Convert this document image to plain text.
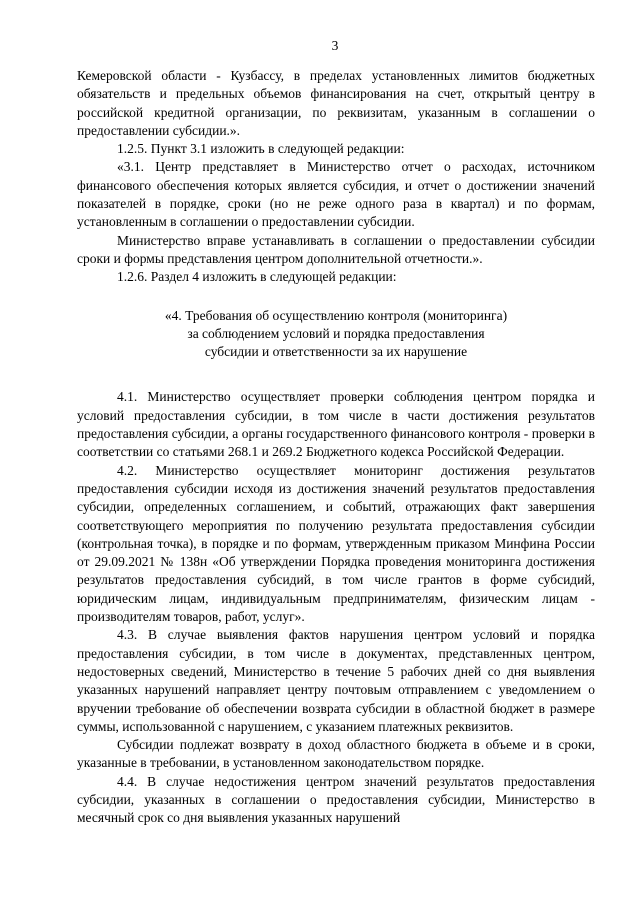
3

Кемеровской области - Кузбассу, в пределах установленных лимитов бюджетных обязательств и предельных объемов финансирования на счет, открытый центру в российской кредитной организации, по реквизитам, указанным в соглашении о предоставлении субсидии.».

1.2.5. Пункт 3.1 изложить в следующей редакции:

«3.1. Центр представляет в Министерство отчет о расходах, источником финансового обеспечения которых является субсидия, и отчет о достижении значений показателей в порядке, сроки (но не реже одного раза в квартал) и по формам, установленным в соглашении о предоставлении субсидии.

Министерство вправе устанавливать в соглашении о предоставлении субсидии сроки и формы представления центром дополнительной отчетности.».

1.2.6. Раздел 4 изложить в следующей редакции:

«4. Требования об осуществлению контроля (мониторинга)
за соблюдением условий и порядка предоставления
субсидии и ответственности за их нарушение

4.1. Министерство осуществляет проверки соблюдения центром порядка и условий предоставления субсидии, в том числе в части достижения результатов предоставления субсидии, а органы государственного финансового контроля - проверки в соответствии со статьями 268.1 и 269.2 Бюджетного кодекса Российской Федерации.

4.2. Министерство осуществляет мониторинг достижения результатов предоставления субсидии исходя из достижения значений результатов предоставления субсидии, определенных соглашением, и событий, отражающих факт завершения соответствующего мероприятия по получению результата предоставления субсидии (контрольная точка), в порядке и по формам, утвержденным приказом Минфина России от 29.09.2021 № 138н «Об утверждении Порядка проведения мониторинга достижения результатов предоставления субсидий, в том числе грантов в форме субсидий, юридическим лицам, индивидуальным предпринимателям, физическим лицам - производителям товаров, работ, услуг».

4.3. В случае выявления фактов нарушения центром условий и порядка предоставления субсидии, в том числе в документах, представленных центром, недостоверных сведений, Министерство в течение 5 рабочих дней со дня выявления указанных нарушений направляет центру почтовым отправлением с уведомлением о вручении требование об обеспечении возврата субсидии в областной бюджет в размере суммы, использованной с нарушением, с указанием платежных реквизитов.

Субсидии подлежат возврату в доход областного бюджета в объеме и в сроки, указанные в требовании, в установленном законодательством порядке.

4.4. В случае недостижения центром значений результатов предоставления субсидии, указанных в соглашении о предоставления субсидии, Министерство в месячный срок со дня выявления указанных нарушений
